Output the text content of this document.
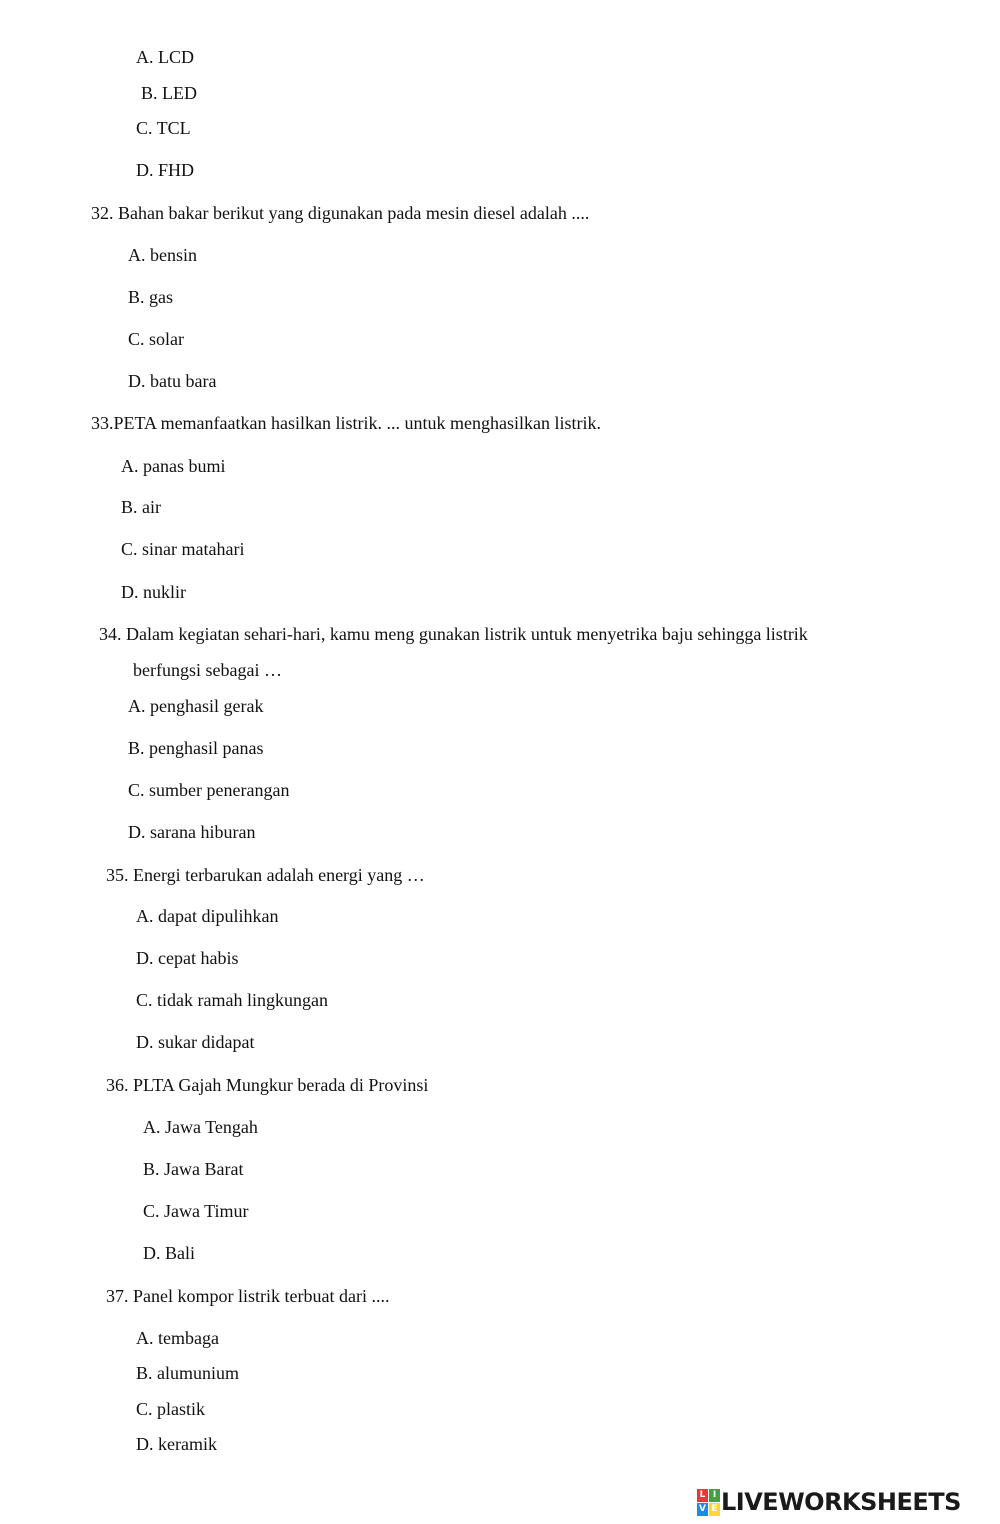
A. LCD
B. LED
C. TCL
D. FHD
32. Bahan bakar berikut yang digunakan pada mesin diesel adalah ....
A. bensin
B. gas
C. solar
D. batu bara
33.PETA memanfaatkan hasilkan listrik. ... untuk menghasilkan listrik.
A. panas bumi
B. air
C. sinar matahari
D. nuklir
34. Dalam kegiatan sehari-hari, kamu meng gunakan listrik untuk menyetrika baju sehingga listrik
berfungsi sebagai …
A. penghasil gerak
B. penghasil panas
C. sumber penerangan
D. sarana hiburan
35. Energi terbarukan adalah energi yang …
A. dapat dipulihkan
D. cepat habis
C. tidak ramah lingkungan
D. sukar didapat
36. PLTA Gajah Mungkur berada di Provinsi
A. Jawa Tengah
B. Jawa Barat
C. Jawa Timur
D. Bali
37. Panel kompor listrik terbuat dari ....
A. tembaga
B. alumunium
C. plastik
D. keramik
L I
V E LIVEWORKSHEETS
